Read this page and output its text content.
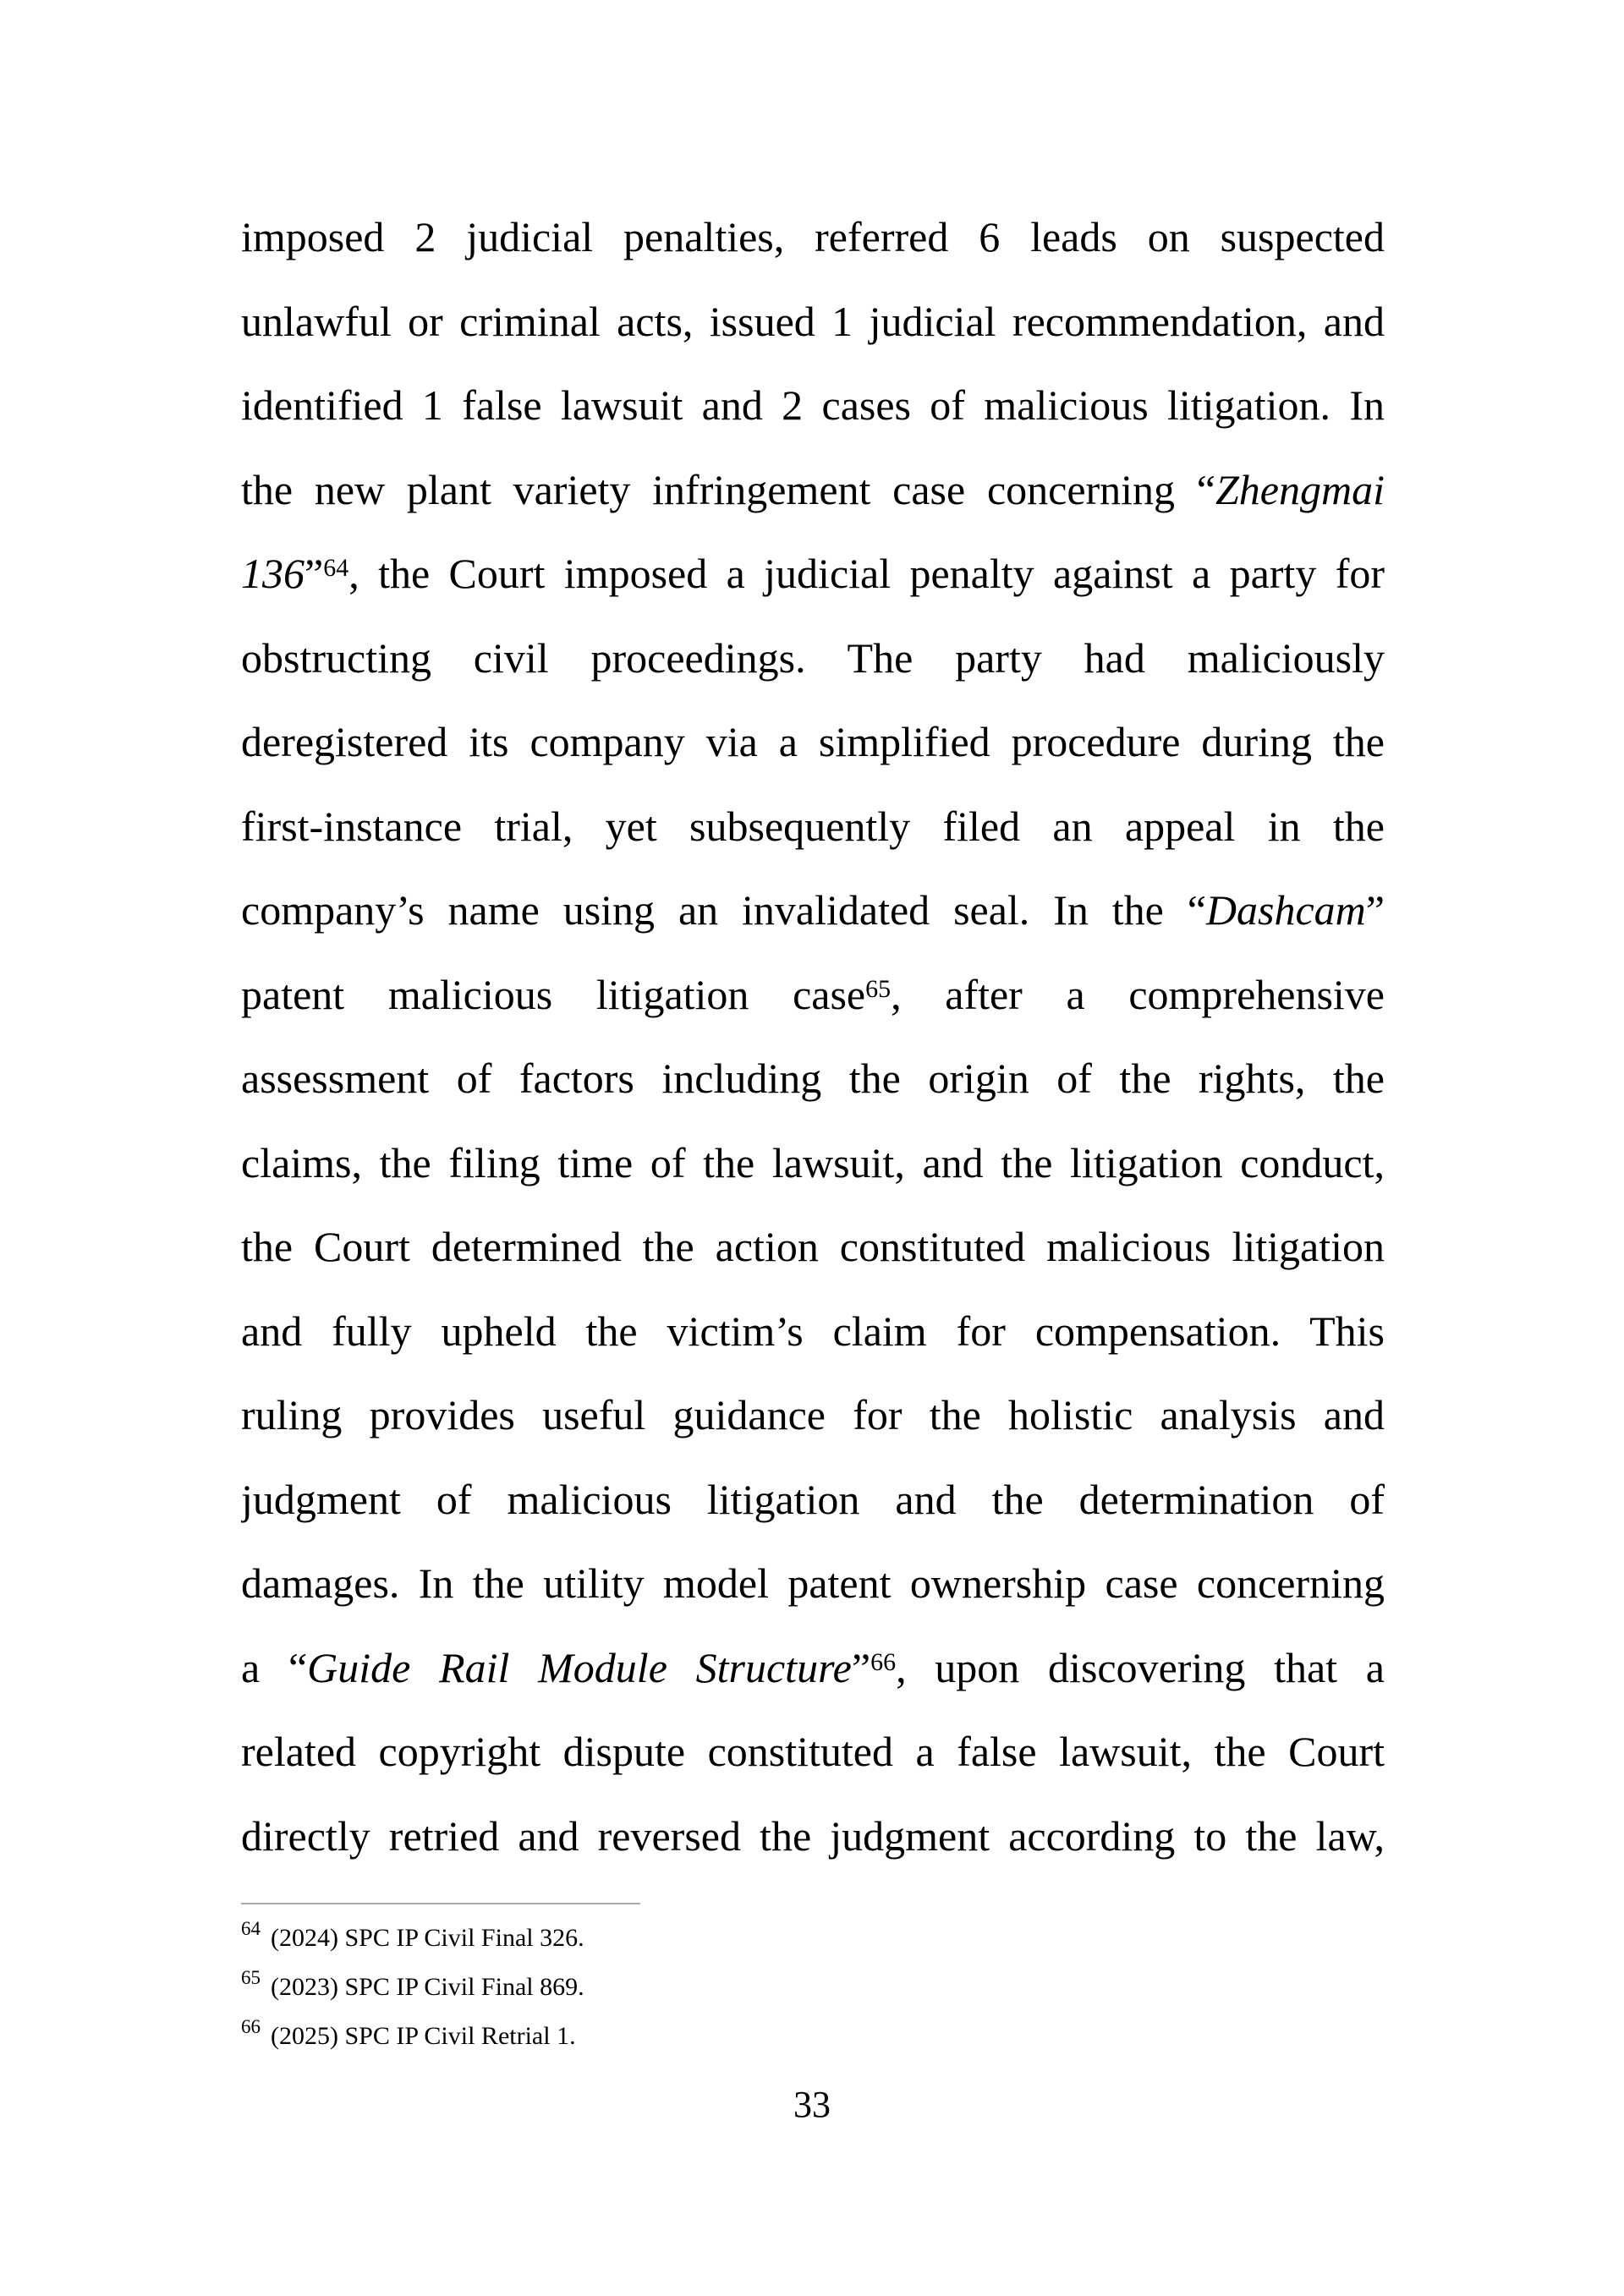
imposed 2 judicial penalties, referred 6 leads on suspected
unlawful or criminal acts, issued 1 judicial recommendation, and
identified 1 false lawsuit and 2 cases of malicious litigation. In
the new plant variety infringement case concerning “Zhengmai
136”$^{64}$, the Court imposed a judicial penalty against a party for
obstructing civil proceedings. The party had maliciously
deregistered its company via a simplified procedure during the
first-instance trial, yet subsequently filed an appeal in the
company’s name using an invalidated seal. In the “Dashcam”
patent malicious litigation case$^{65}$, after a comprehensive
assessment of factors including the origin of the rights, the
claims, the filing time of the lawsuit, and the litigation conduct,
the Court determined the action constituted malicious litigation
and fully upheld the victim’s claim for compensation. This
ruling provides useful guidance for the holistic analysis and
judgment of malicious litigation and the determination of
damages. In the utility model patent ownership case concerning
a “Guide Rail Module Structure”$^{66}$, upon discovering that a
related copyright dispute constituted a false lawsuit, the Court
directly retried and reversed the judgment according to the law,
$^{64}$ (2024) SPC IP Civil Final 326.
$^{65}$ (2023) SPC IP Civil Final 869.
$^{66}$ (2025) SPC IP Civil Retrial 1.
33
